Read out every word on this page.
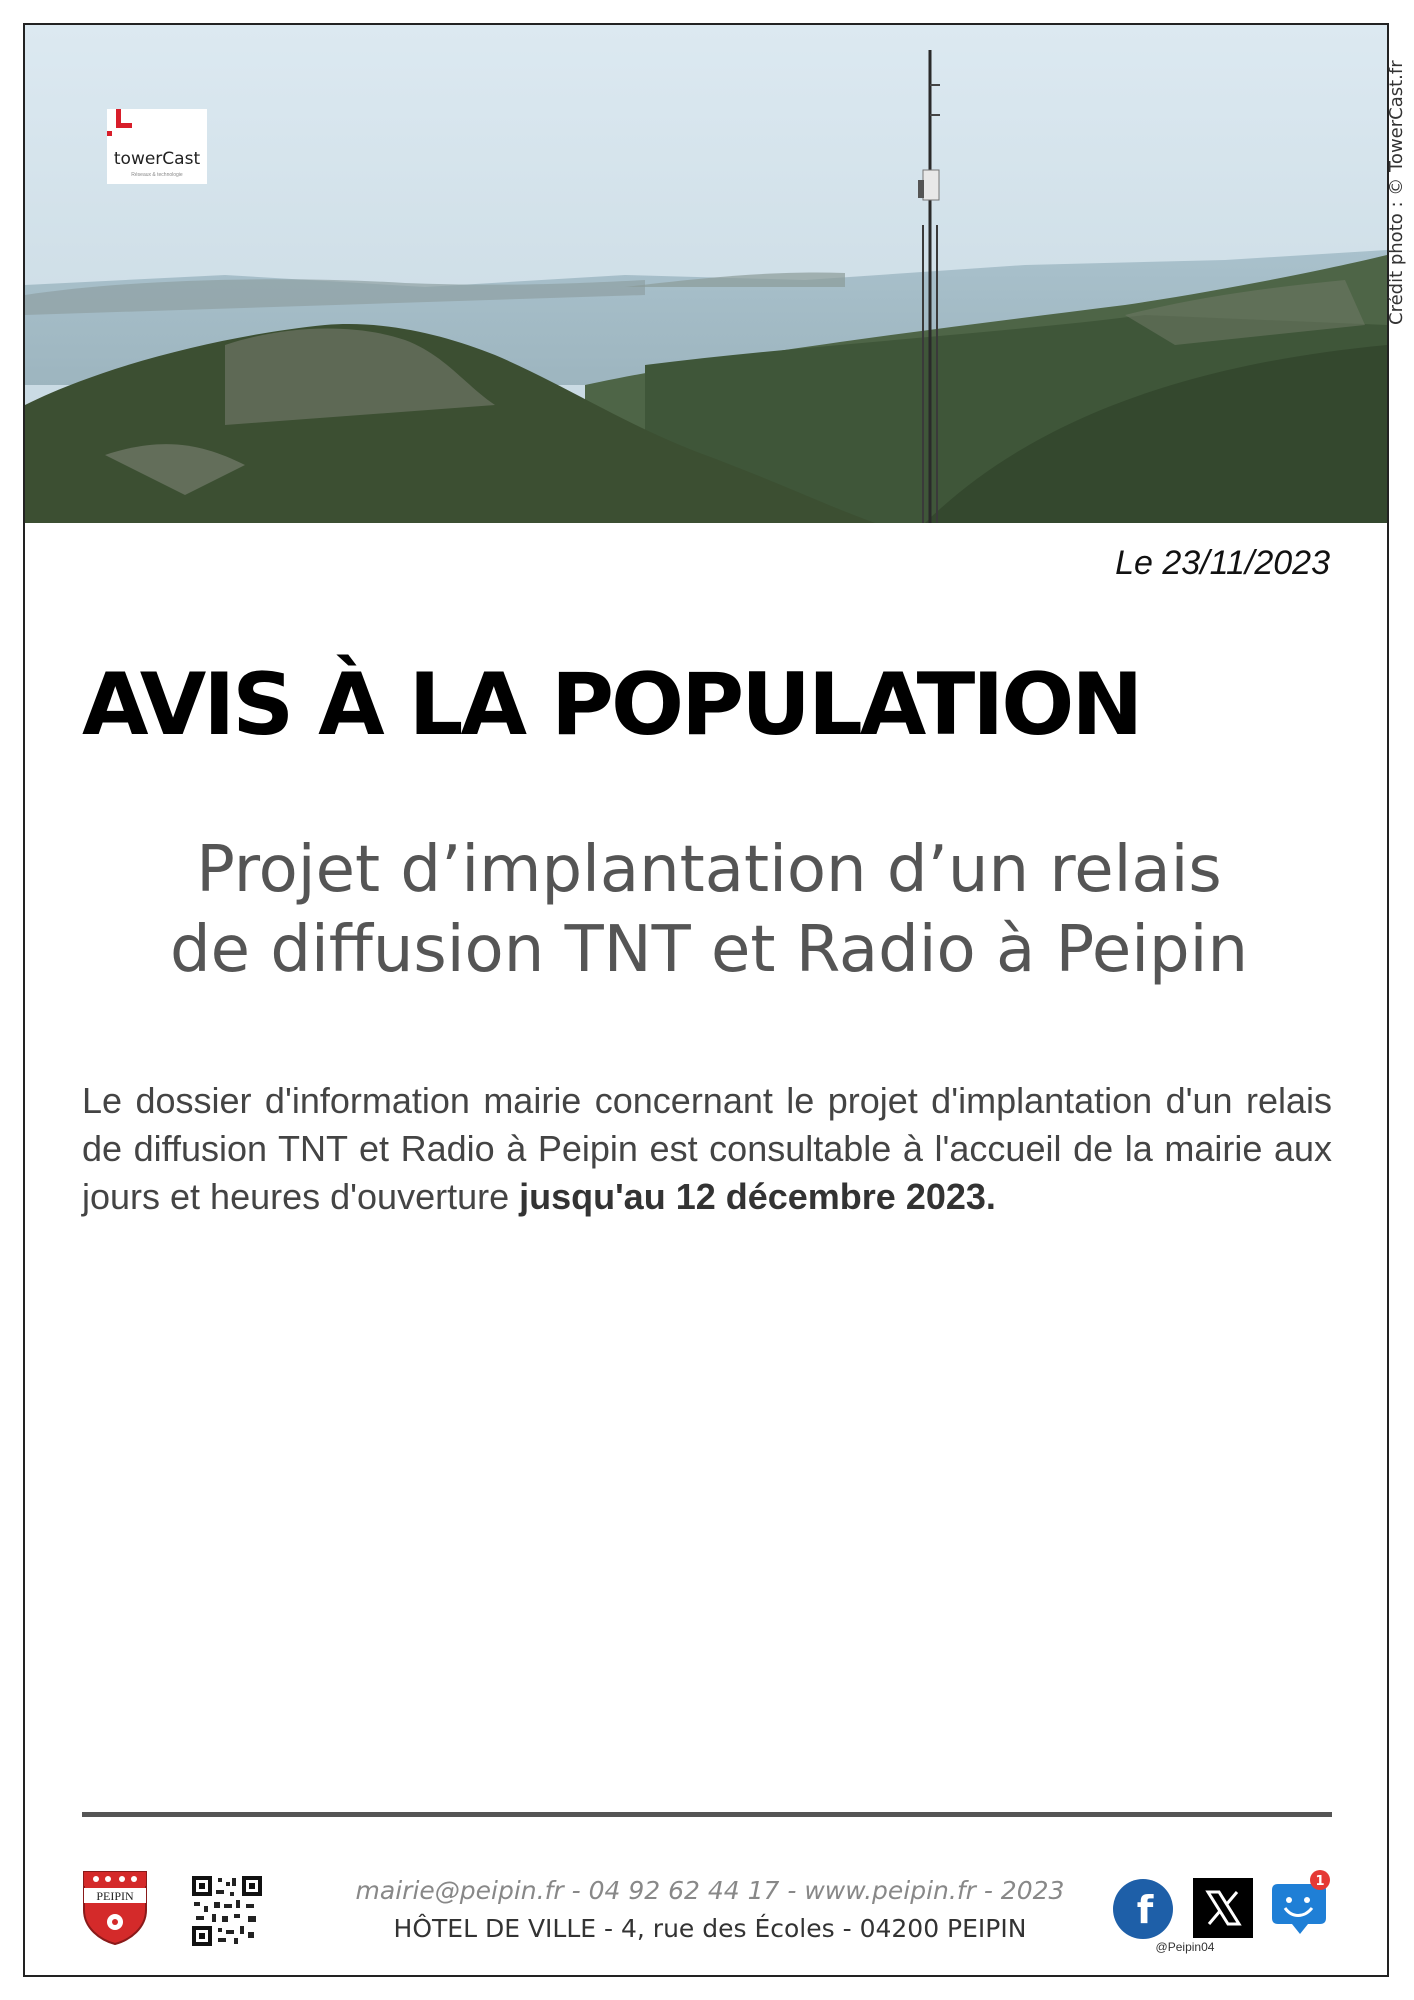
towerCast
Réseaux & technologie	Crédit photo : © TowerCast.fr
Le 23/11/2023
AVIS À LA POPULATION
Projet d’implantation d’un relais
de diffusion TNT et Radio à Peipin
Le dossier d'information mairie concernant le projet d'implantation d'un relais de diffusion TNT et Radio à Peipin est consultable à l'accueil de la mairie aux jours et heures d'ouverture jusqu'au 12 décembre 2023.
PEIPIN	mairie@peipin.fr - 04 92 62 44 17 - www.peipin.fr - 2023
HÔTEL DE VILLE - 4, rue des Écoles - 04200 PEIPIN	f
1
@Peipin04
